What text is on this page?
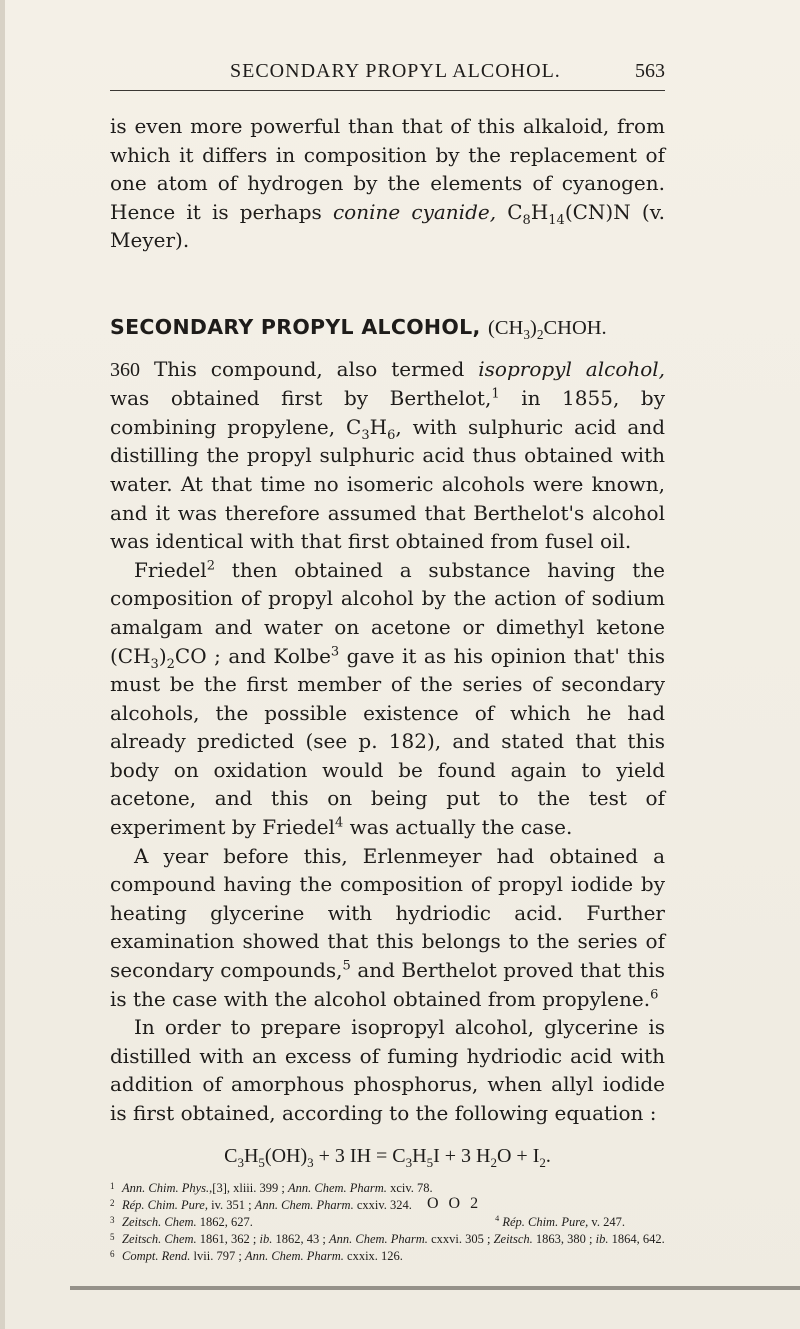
SECONDARY PROPYL ALCOHOL.	563

is even more powerful than that of this alkaloid, from which it differs in composition by the replacement of one atom of hydrogen by the elements of cyanogen. Hence it is perhaps conine cyanide, $C_8H_{14}(CN)N$ (v. Meyer).

SECONDARY PROPYL ALCOHOL, $(CH_3)_2CHOH$.

360 This compound, also termed isopropyl alcohol, was obtained first by Berthelot,$^1$ in 1855, by combining propylene, $C_3H_6$, with sulphuric acid and distilling the propyl sulphuric acid thus obtained with water. At that time no isomeric alcohols were known, and it was therefore assumed that Berthelot's alcohol was identical with that first obtained from fusel oil.

Friedel$^2$ then obtained a substance having the composition of propyl alcohol by the action of sodium amalgam and water on acetone or dimethyl ketone $(CH_3)_2CO$ ; and Kolbe$^3$ gave it as his opinion that' this must be the first member of the series of secondary alcohols, the possible existence of which he had already predicted (see p. 182), and stated that this body on oxidation would be found again to yield acetone, and this on being put to the test of experiment by Friedel$^4$ was actually the case.

A year before this, Erlenmeyer had obtained a compound having the composition of propyl iodide by heating glycerine with hydriodic acid. Further examination showed that this belongs to the series of secondary compounds,$^5$ and Berthelot proved that this is the case with the alcohol obtained from propylene.$^6$

In order to prepare isopropyl alcohol, glycerine is distilled with an excess of fuming hydriodic acid with addition of amorphous phosphorus, when allyl iodide is first obtained, according to the following equation :

$C_3H_5(OH)_3 + 3$ IH = $C_3H_5I + 3$ $H_2O + I_2$.

1 Ann. Chim. Phys.,[3], xliii. 399 ; Ann. Chem. Pharm. xciv. 78.
2 Rép. Chim. Pure, iv. 351 ; Ann. Chem. Pharm. cxxiv. 324.
3 Zeitsch. Chem. 1862, 627.	$^4$ Rép. Chim. Pure, v. 247.
5 Zeitsch. Chem. 1861, 362 ; ib. 1862, 43 ; Ann. Chem. Pharm. cxxvi. 305 ; Zeitsch. 1863, 380 ; ib. 1864, 642.
6 Compt. Rend. lvii. 797 ; Ann. Chem. Pharm. cxxix. 126.
O O 2
